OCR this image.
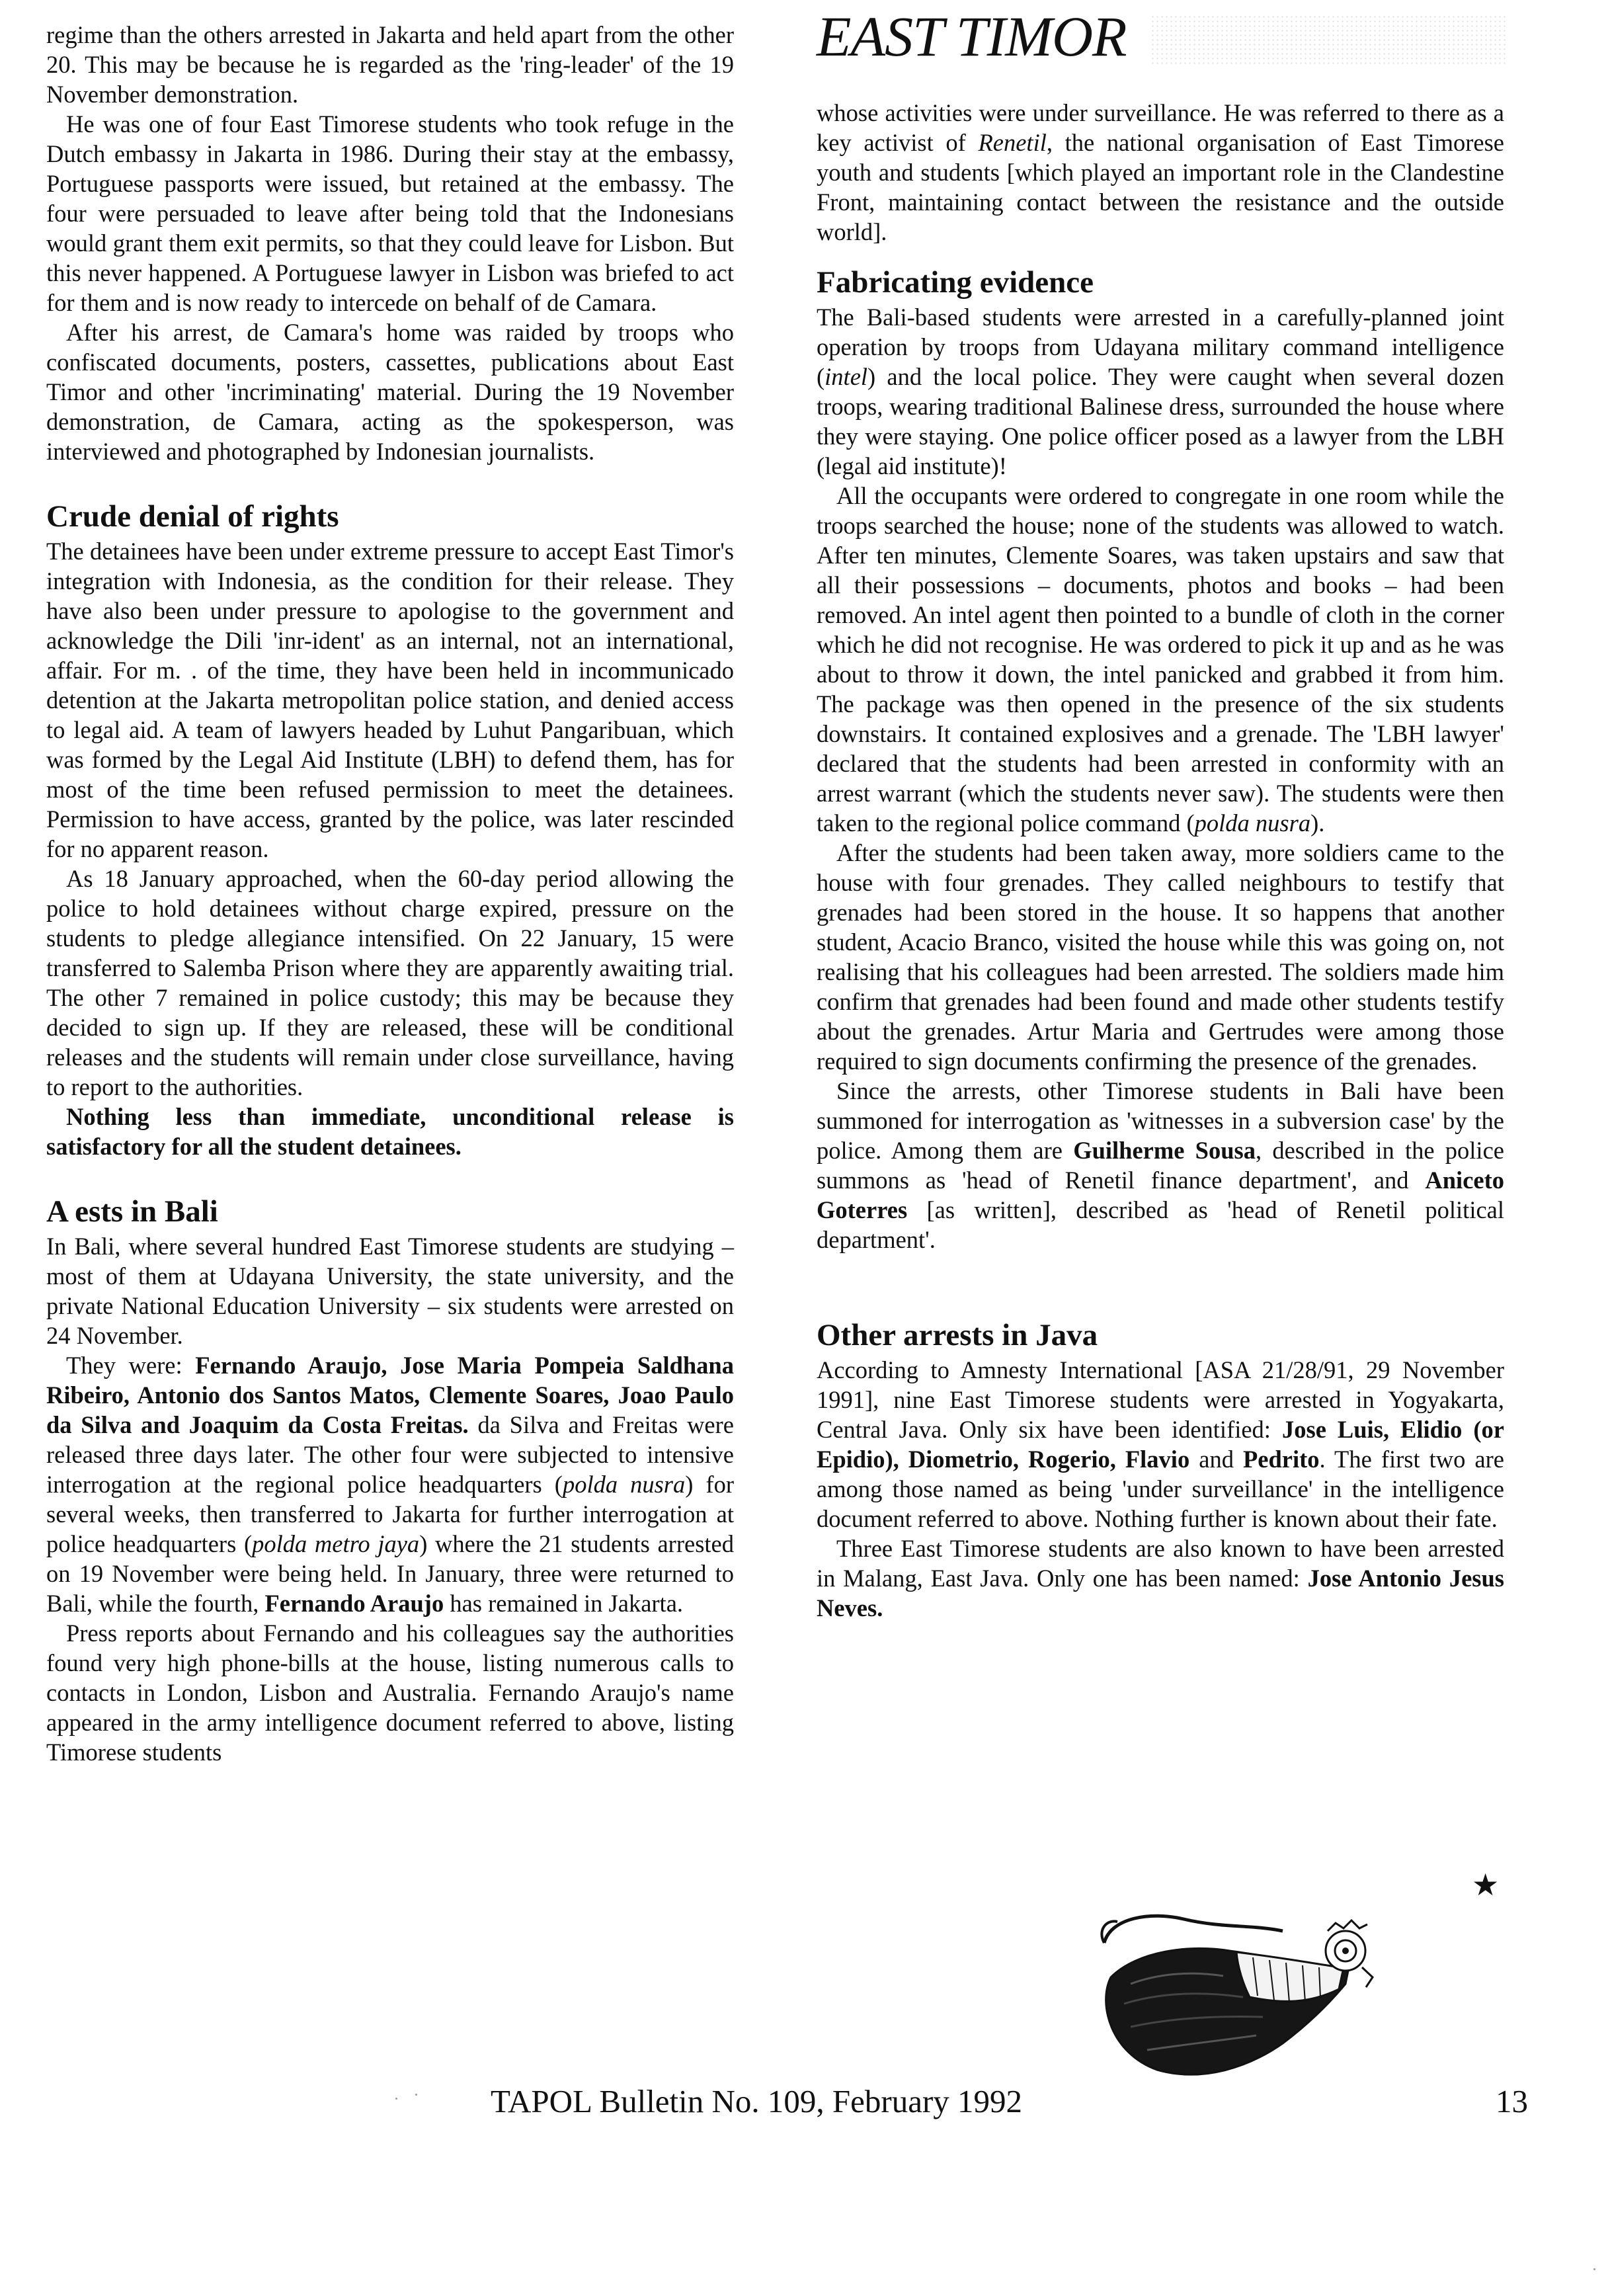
EAST TIMOR

regime than the others arrested in Jakarta and held apart from the other 20. This may be because he is regarded as the 'ring-leader' of the 19 November demonstration.

He was one of four East Timorese students who took refuge in the Dutch embassy in Jakarta in 1986. During their stay at the embassy, Portuguese passports were issued, but retained at the embassy. The four were persuaded to leave after being told that the Indonesians would grant them exit permits, so that they could leave for Lisbon. But this never happened. A Portuguese lawyer in Lisbon was briefed to act for them and is now ready to intercede on behalf of de Camara.

After his arrest, de Camara's home was raided by troops who confiscated documents, posters, cassettes, publications about East Timor and other 'incriminating' material. During the 19 November demonstration, de Camara, acting as the spokesperson, was interviewed and photographed by Indonesian journalists.

Crude denial of rights

The detainees have been under extreme pressure to accept East Timor's integration with Indonesia, as the condition for their release. They have also been under pressure to apologise to the government and acknowledge the Dili 'inr-ident' as an internal, not an international, affair. For m. . of the time, they have been held in incommunicado detention at the Jakarta metropolitan police station, and denied access to legal aid. A team of lawyers headed by Luhut Pangaribuan, which was formed by the Legal Aid Institute (LBH) to defend them, has for most of the time been refused permission to meet the detainees. Permission to have access, granted by the police, was later rescinded for no apparent reason.

As 18 January approached, when the 60-day period allowing the police to hold detainees without charge expired, pressure on the students to pledge allegiance intensified. On 22 January, 15 were transferred to Salemba Prison where they are apparently awaiting trial. The other 7 remained in police custody; this may be because they decided to sign up. If they are released, these will be conditional releases and the students will remain under close surveillance, having to report to the authorities.

Nothing less than immediate, unconditional release is satisfactory for all the student detainees.

A ests in Bali

In Bali, where several hundred East Timorese students are studying – most of them at Udayana University, the state university, and the private National Education University – six students were arrested on 24 November.

They were: Fernando Araujo, Jose Maria Pompeia Saldhana Ribeiro, Antonio dos Santos Matos, Clemente Soares, Joao Paulo da Silva and Joaquim da Costa Freitas. da Silva and Freitas were released three days later. The other four were subjected to intensive interrogation at the regional police headquarters (polda nusra) for several weeks, then transferred to Jakarta for further interrogation at police headquarters (polda metro jaya) where the 21 students arrested on 19 November were being held. In January, three were returned to Bali, while the fourth, Fernando Araujo has remained in Jakarta.

Press reports about Fernando and his colleagues say the authorities found very high phone-bills at the house, listing numerous calls to contacts in London, Lisbon and Australia. Fernando Araujo's name appeared in the army intelligence document referred to above, listing Timorese students

whose activities were under surveillance. He was referred to there as a key activist of Renetil, the national organisation of East Timorese youth and students [which played an important role in the Clandestine Front, maintaining contact between the resistance and the outside world].

Fabricating evidence

The Bali-based students were arrested in a carefully-planned joint operation by troops from Udayana military command intelligence (intel) and the local police. They were caught when several dozen troops, wearing traditional Balinese dress, surrounded the house where they were staying. One police officer posed as a lawyer from the LBH (legal aid institute)!

All the occupants were ordered to congregate in one room while the troops searched the house; none of the students was allowed to watch. After ten minutes, Clemente Soares, was taken upstairs and saw that all their possessions – documents, photos and books – had been removed. An intel agent then pointed to a bundle of cloth in the corner which he did not recognise. He was ordered to pick it up and as he was about to throw it down, the intel panicked and grabbed it from him. The package was then opened in the presence of the six students downstairs. It contained explosives and a grenade. The 'LBH lawyer' declared that the students had been arrested in conformity with an arrest warrant (which the students never saw). The students were then taken to the regional police command (polda nusra).

After the students had been taken away, more soldiers came to the house with four grenades. They called neighbours to testify that grenades had been stored in the house. It so happens that another student, Acacio Branco, visited the house while this was going on, not realising that his colleagues had been arrested. The soldiers made him confirm that grenades had been found and made other students testify about the grenades. Artur Maria and Gertrudes were among those required to sign documents confirming the presence of the grenades.

Since the arrests, other Timorese students in Bali have been summoned for interrogation as 'witnesses in a subversion case' by the police. Among them are Guilherme Sousa, described in the police summons as 'head of Renetil finance department', and Aniceto Goterres [as written], described as 'head of Renetil political department'.

Other arrests in Java

According to Amnesty International [ASA 21/28/91, 29 November 1991], nine East Timorese students were arrested in Yogyakarta, Central Java. Only six have been identified: Jose Luis, Elidio (or Epidio), Diometrio, Rogerio, Flavio and Pedrito. The first two are among those named as being 'under surveillance' in the intelligence document referred to above. Nothing further is known about their fate.

Three East Timorese students are also known to have been arrested in Malang, East Java. Only one has been named: Jose Antonio Jesus Neves.

★
TAPOL Bulletin No. 109, February 1992	13
